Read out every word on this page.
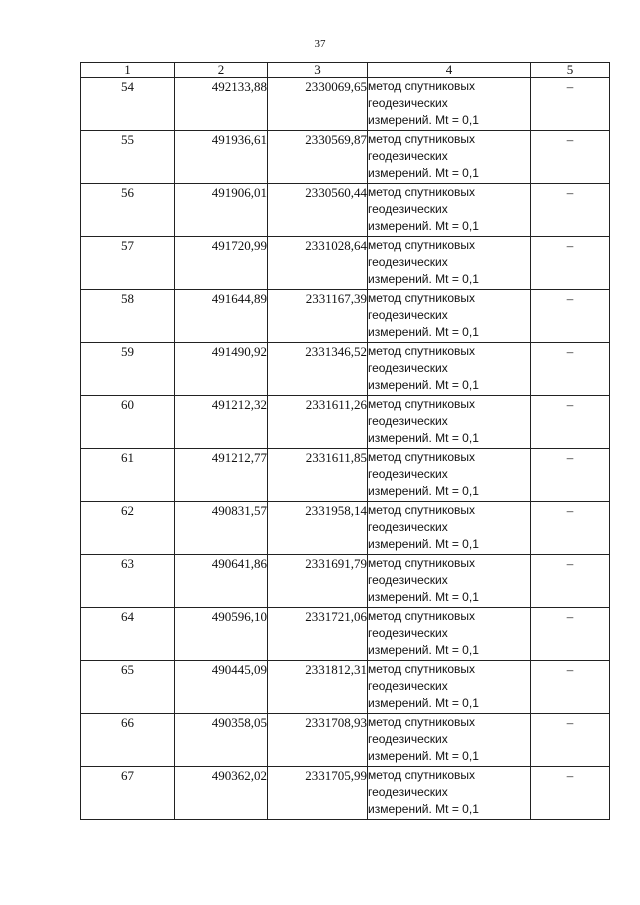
37
1	2	3	4	5
54	492133,88	2330069,65	метод спутниковых
геодезических
измерений. Mt = 0,1	–
55	491936,61	2330569,87	метод спутниковых
геодезических
измерений. Mt = 0,1	–
56	491906,01	2330560,44	метод спутниковых
геодезических
измерений. Mt = 0,1	–
57	491720,99	2331028,64	метод спутниковых
геодезических
измерений. Mt = 0,1	–
58	491644,89	2331167,39	метод спутниковых
геодезических
измерений. Mt = 0,1	–
59	491490,92	2331346,52	метод спутниковых
геодезических
измерений. Mt = 0,1	–
60	491212,32	2331611,26	метод спутниковых
геодезических
измерений. Mt = 0,1	–
61	491212,77	2331611,85	метод спутниковых
геодезических
измерений. Mt = 0,1	–
62	490831,57	2331958,14	метод спутниковых
геодезических
измерений. Mt = 0,1	–
63	490641,86	2331691,79	метод спутниковых
геодезических
измерений. Mt = 0,1	–
64	490596,10	2331721,06	метод спутниковых
геодезических
измерений. Mt = 0,1	–
65	490445,09	2331812,31	метод спутниковых
геодезических
измерений. Mt = 0,1	–
66	490358,05	2331708,93	метод спутниковых
геодезических
измерений. Mt = 0,1	–
67	490362,02	2331705,99	метод спутниковых
геодезических
измерений. Mt = 0,1	–
